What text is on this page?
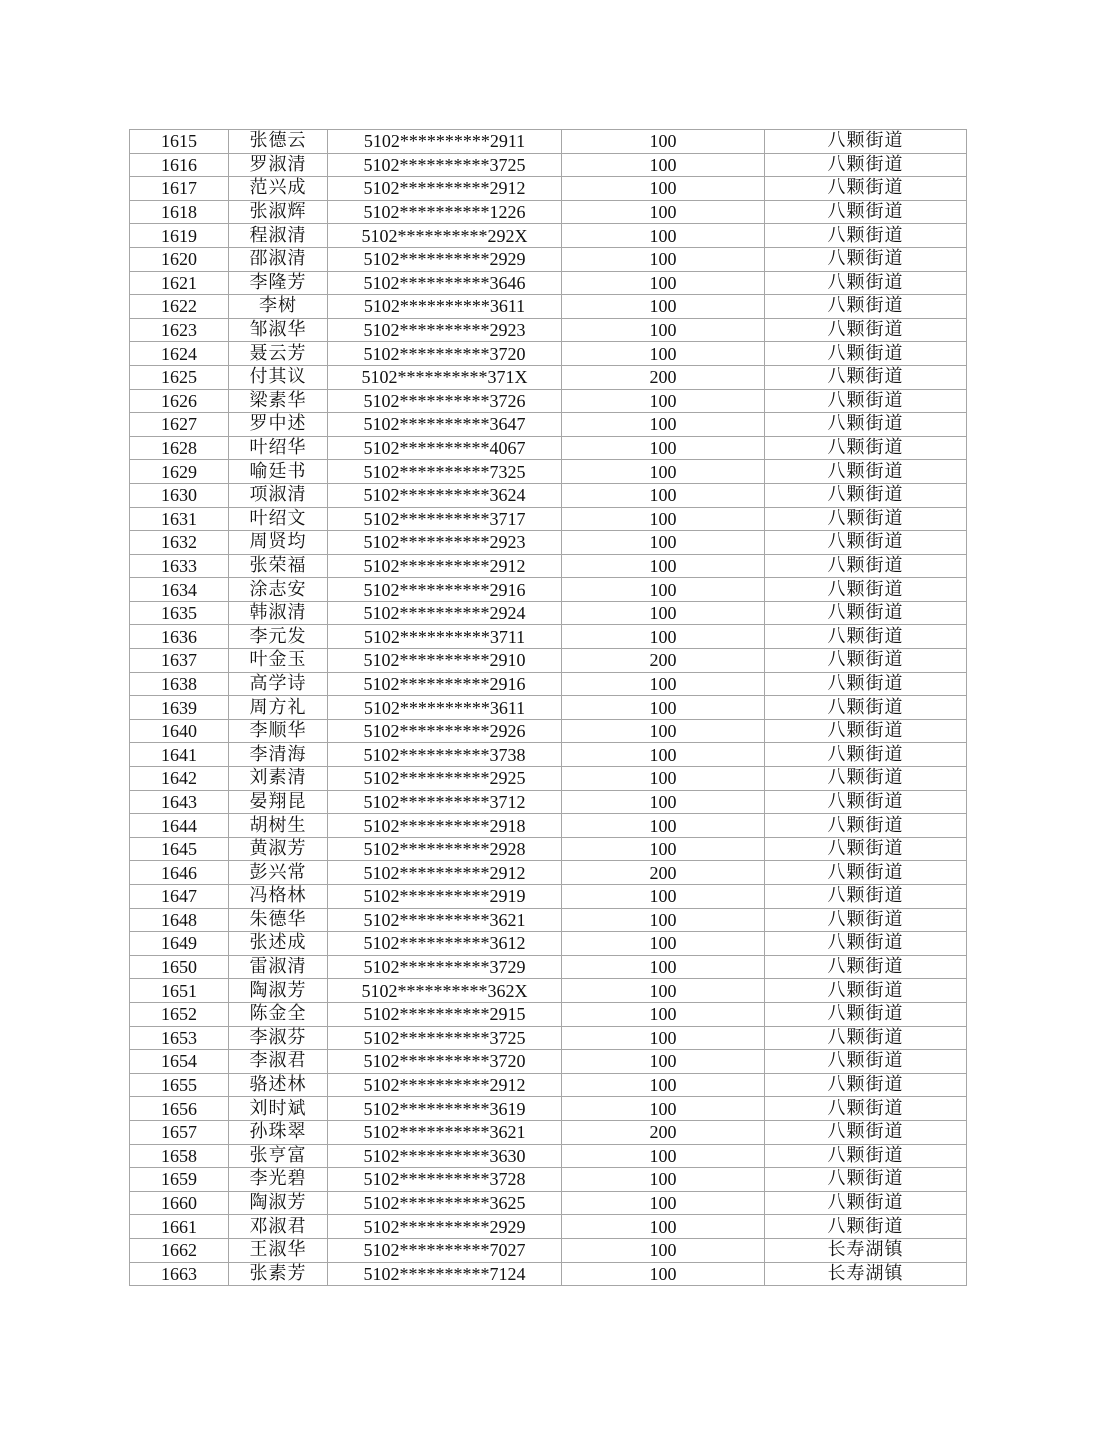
1615	张德云	5102**********2911	100	八颗街道
1616	罗淑清	5102**********3725	100	八颗街道
1617	范兴成	5102**********2912	100	八颗街道
1618	张淑辉	5102**********1226	100	八颗街道
1619	程淑清	5102**********292X	100	八颗街道
1620	邵淑清	5102**********2929	100	八颗街道
1621	李隆芳	5102**********3646	100	八颗街道
1622	李树	5102**********3611	100	八颗街道
1623	邹淑华	5102**********2923	100	八颗街道
1624	聂云芳	5102**********3720	100	八颗街道
1625	付其议	5102**********371X	200	八颗街道
1626	梁素华	5102**********3726	100	八颗街道
1627	罗中述	5102**********3647	100	八颗街道
1628	叶绍华	5102**********4067	100	八颗街道
1629	喻廷书	5102**********7325	100	八颗街道
1630	项淑清	5102**********3624	100	八颗街道
1631	叶绍文	5102**********3717	100	八颗街道
1632	周贤均	5102**********2923	100	八颗街道
1633	张荣福	5102**********2912	100	八颗街道
1634	涂志安	5102**********2916	100	八颗街道
1635	韩淑清	5102**********2924	100	八颗街道
1636	李元发	5102**********3711	100	八颗街道
1637	叶金玉	5102**********2910	200	八颗街道
1638	高学诗	5102**********2916	100	八颗街道
1639	周方礼	5102**********3611	100	八颗街道
1640	李顺华	5102**********2926	100	八颗街道
1641	李清海	5102**********3738	100	八颗街道
1642	刘素清	5102**********2925	100	八颗街道
1643	晏翔昆	5102**********3712	100	八颗街道
1644	胡树生	5102**********2918	100	八颗街道
1645	黄淑芳	5102**********2928	100	八颗街道
1646	彭兴常	5102**********2912	200	八颗街道
1647	冯格林	5102**********2919	100	八颗街道
1648	朱德华	5102**********3621	100	八颗街道
1649	张述成	5102**********3612	100	八颗街道
1650	雷淑清	5102**********3729	100	八颗街道
1651	陶淑芳	5102**********362X	100	八颗街道
1652	陈金全	5102**********2915	100	八颗街道
1653	李淑芬	5102**********3725	100	八颗街道
1654	李淑君	5102**********3720	100	八颗街道
1655	骆述林	5102**********2912	100	八颗街道
1656	刘时斌	5102**********3619	100	八颗街道
1657	孙珠翠	5102**********3621	200	八颗街道
1658	张亨富	5102**********3630	100	八颗街道
1659	李光碧	5102**********3728	100	八颗街道
1660	陶淑芳	5102**********3625	100	八颗街道
1661	邓淑君	5102**********2929	100	八颗街道
1662	王淑华	5102**********7027	100	长寿湖镇
1663	张素芳	5102**********7124	100	长寿湖镇
